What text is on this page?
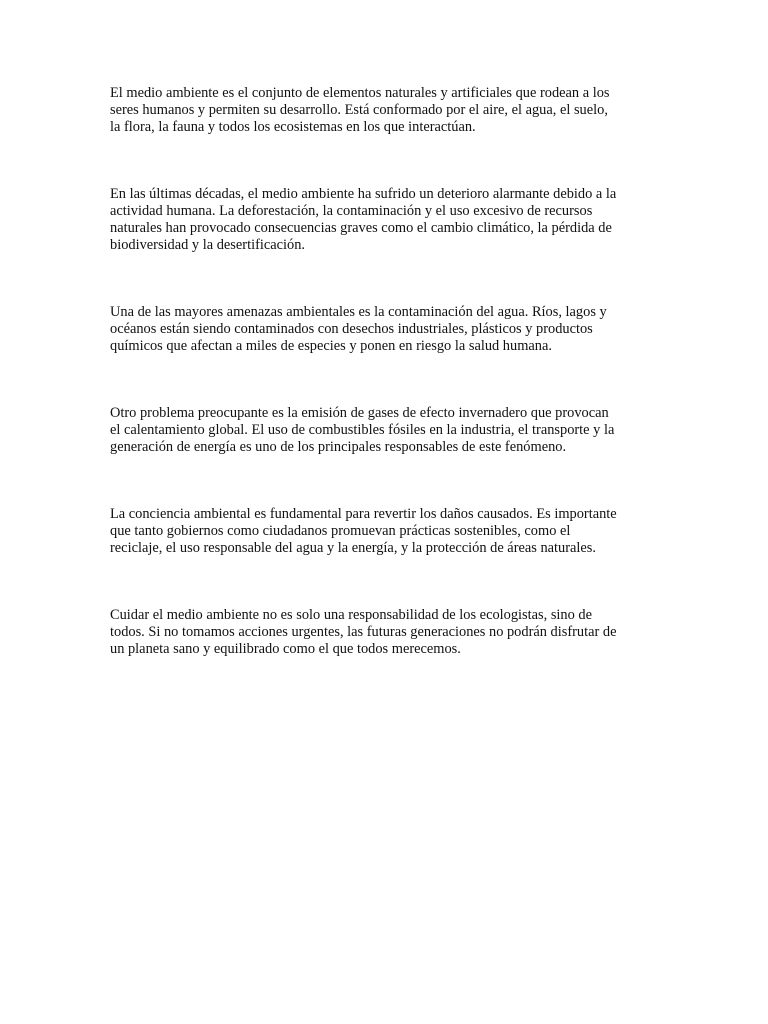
El medio ambiente es el conjunto de elementos naturales y artificiales que rodean a los
seres humanos y permiten su desarrollo. Está conformado por el aire, el agua, el suelo,
la flora, la fauna y todos los ecosistemas en los que interactúan.

En las últimas décadas, el medio ambiente ha sufrido un deterioro alarmante debido a la
actividad humana. La deforestación, la contaminación y el uso excesivo de recursos
naturales han provocado consecuencias graves como el cambio climático, la pérdida de
biodiversidad y la desertificación.

Una de las mayores amenazas ambientales es la contaminación del agua. Ríos, lagos y
océanos están siendo contaminados con desechos industriales, plásticos y productos
químicos que afectan a miles de especies y ponen en riesgo la salud humana.

Otro problema preocupante es la emisión de gases de efecto invernadero que provocan
el calentamiento global. El uso de combustibles fósiles en la industria, el transporte y la
generación de energía es uno de los principales responsables de este fenómeno.

La conciencia ambiental es fundamental para revertir los daños causados. Es importante
que tanto gobiernos como ciudadanos promuevan prácticas sostenibles, como el
reciclaje, el uso responsable del agua y la energía, y la protección de áreas naturales.

Cuidar el medio ambiente no es solo una responsabilidad de los ecologistas, sino de
todos. Si no tomamos acciones urgentes, las futuras generaciones no podrán disfrutar de
un planeta sano y equilibrado como el que todos merecemos.
